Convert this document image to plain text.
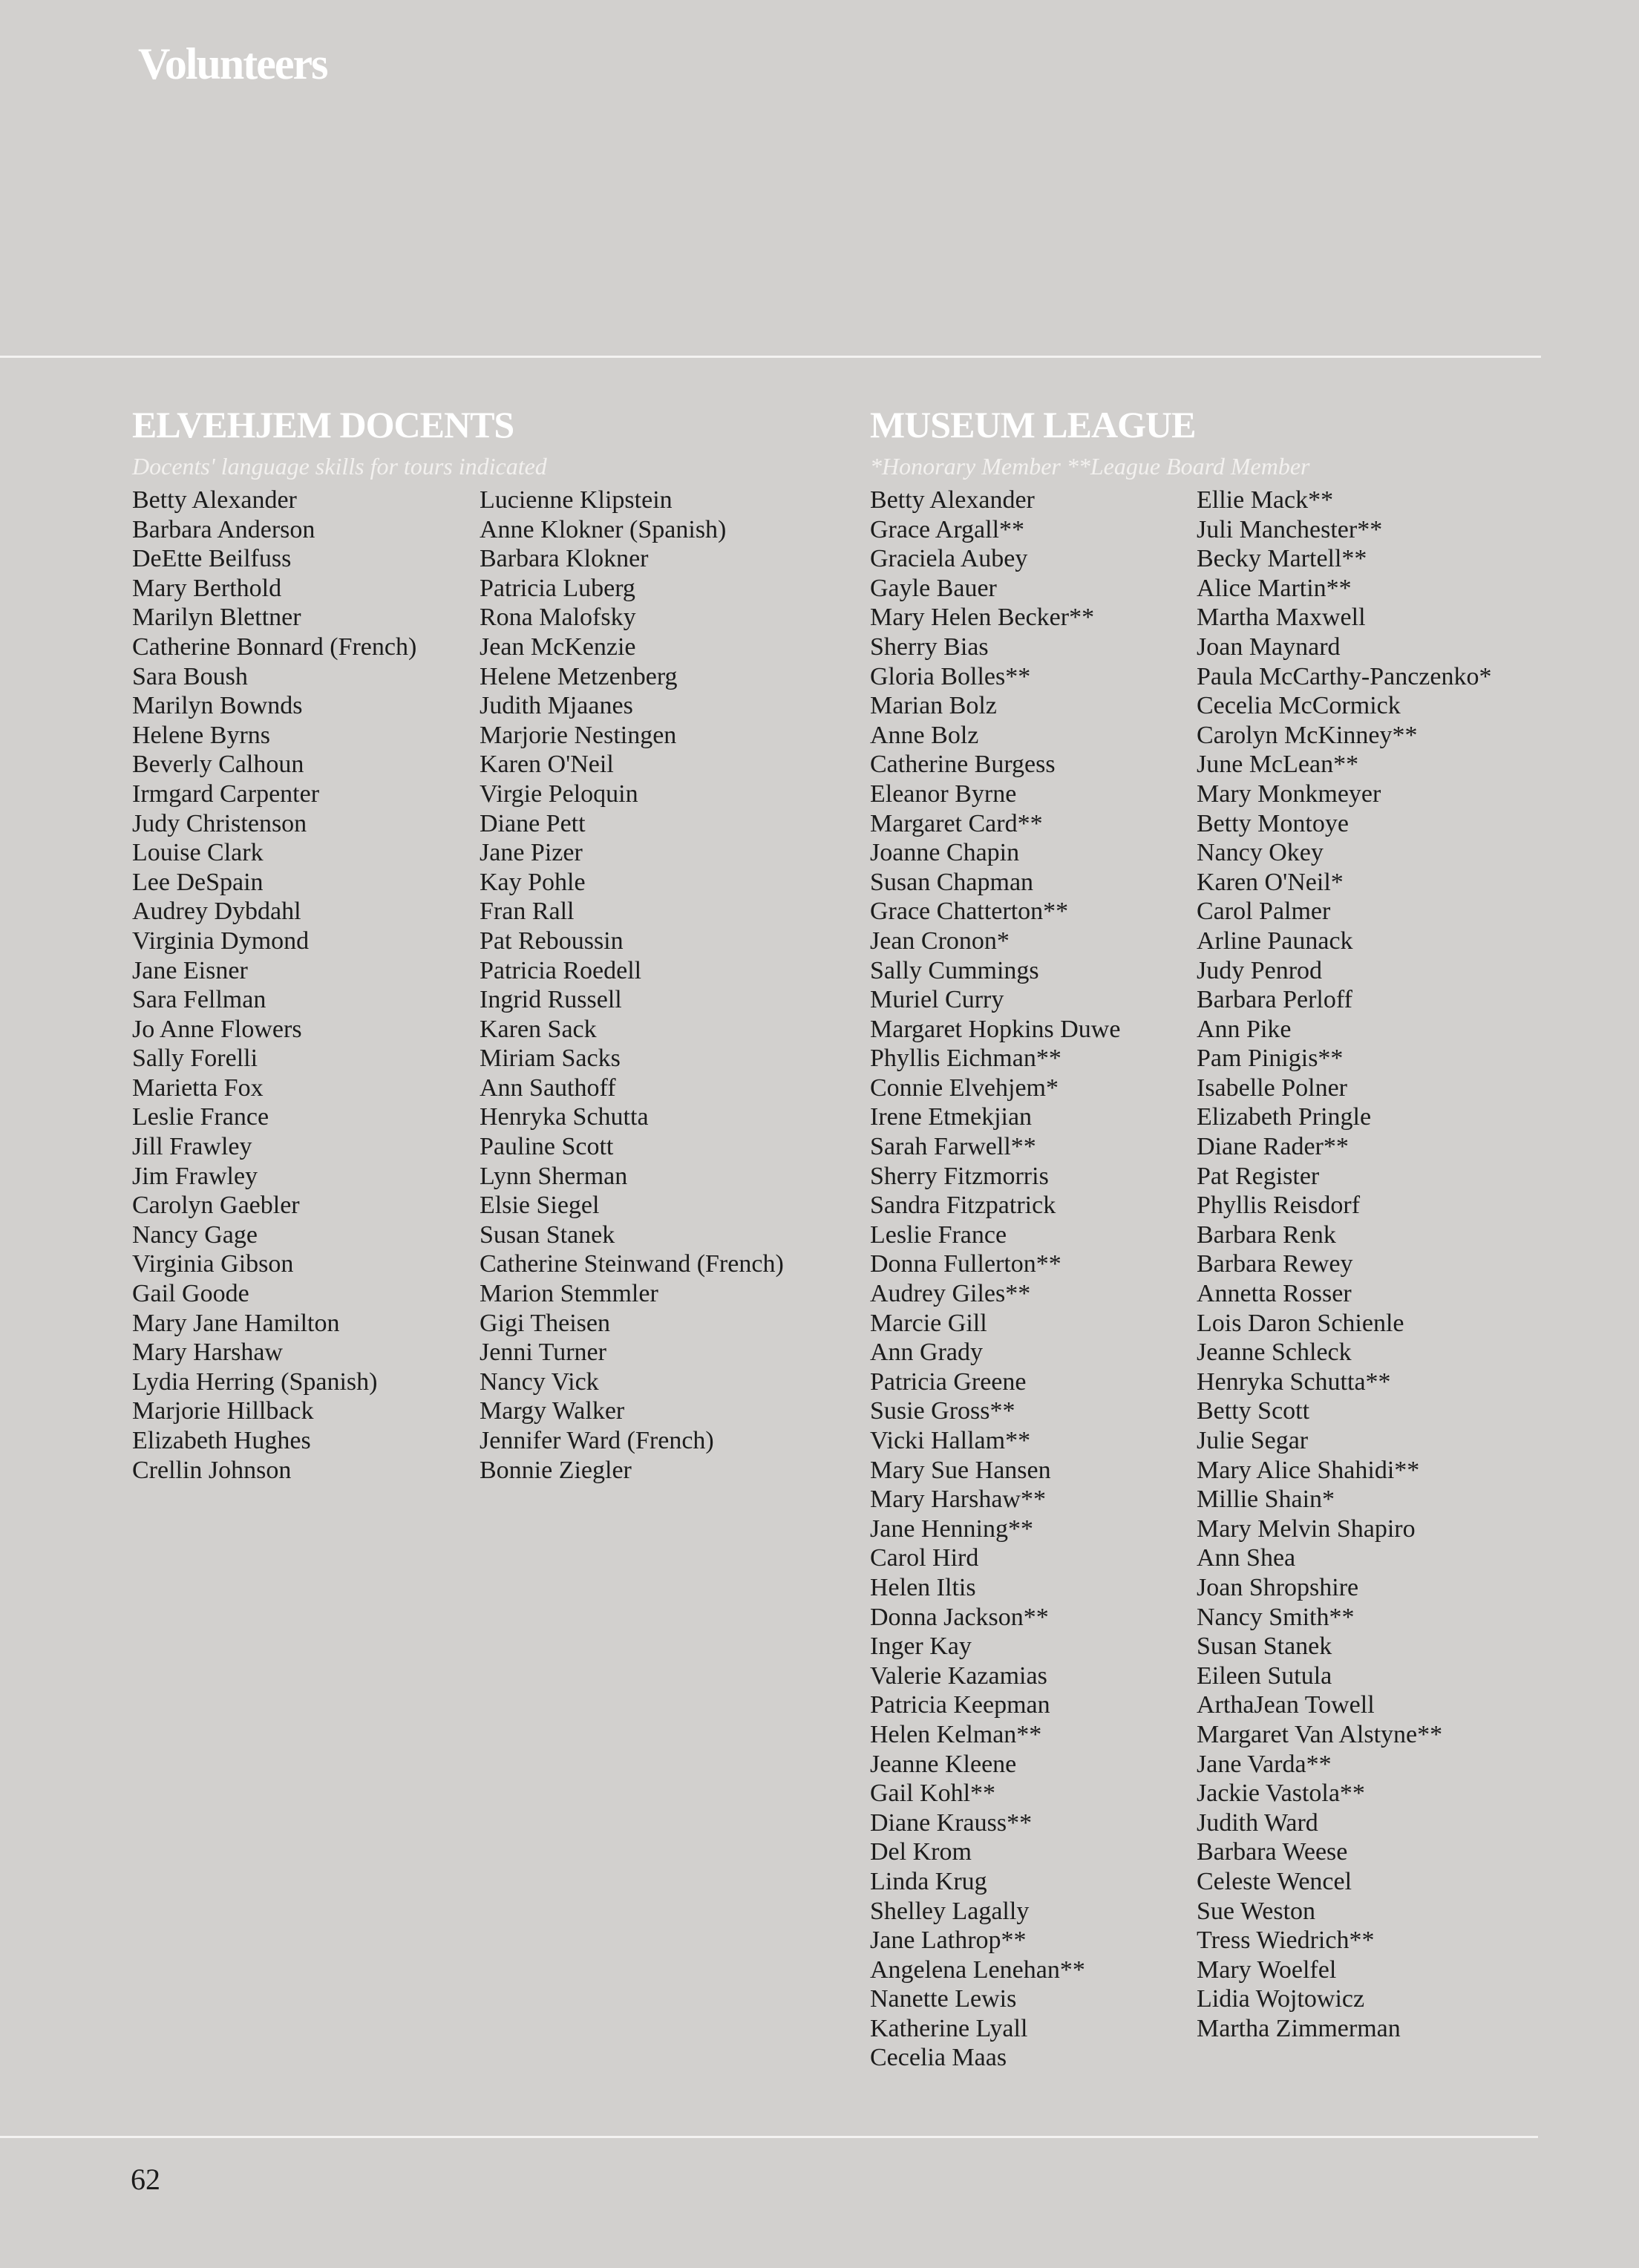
Volunteers
ELVEHJEM DOCENTS
Docents' language skills for tours indicated
Betty Alexander
Barbara Anderson
DeEtte Beilfuss
Mary Berthold
Marilyn Blettner
Catherine Bonnard (French)
Sara Boush
Marilyn Bownds
Helene Byrns
Beverly Calhoun
Irmgard Carpenter
Judy Christenson
Louise Clark
Lee DeSpain
Audrey Dybdahl
Virginia Dymond
Jane Eisner
Sara Fellman
Jo Anne Flowers
Sally Forelli
Marietta Fox
Leslie France
Jill Frawley
Jim Frawley
Carolyn Gaebler
Nancy Gage
Virginia Gibson
Gail Goode
Mary Jane Hamilton
Mary Harshaw
Lydia Herring (Spanish)
Marjorie Hillback
Elizabeth Hughes
Crellin Johnson
Lucienne Klipstein
Anne Klokner (Spanish)
Barbara Klokner
Patricia Luberg
Rona Malofsky
Jean McKenzie
Helene Metzenberg
Judith Mjaanes
Marjorie Nestingen
Karen O'Neil
Virgie Peloquin
Diane Pett
Jane Pizer
Kay Pohle
Fran Rall
Pat Reboussin
Patricia Roedell
Ingrid Russell
Karen Sack
Miriam Sacks
Ann Sauthoff
Henryka Schutta
Pauline Scott
Lynn Sherman
Elsie Siegel
Susan Stanek
Catherine Steinwand (French)
Marion Stemmler
Gigi Theisen
Jenni Turner
Nancy Vick
Margy Walker
Jennifer Ward (French)
Bonnie Ziegler
MUSEUM LEAGUE
*Honorary Member **League Board Member
Betty Alexander
Grace Argall**
Graciela Aubey
Gayle Bauer
Mary Helen Becker**
Sherry Bias
Gloria Bolles**
Marian Bolz
Anne Bolz
Catherine Burgess
Eleanor Byrne
Margaret Card**
Joanne Chapin
Susan Chapman
Grace Chatterton**
Jean Cronon*
Sally Cummings
Muriel Curry
Margaret Hopkins Duwe
Phyllis Eichman**
Connie Elvehjem*
Irene Etmekjian
Sarah Farwell**
Sherry Fitzmorris
Sandra Fitzpatrick
Leslie France
Donna Fullerton**
Audrey Giles**
Marcie Gill
Ann Grady
Patricia Greene
Susie Gross**
Vicki Hallam**
Mary Sue Hansen
Mary Harshaw**
Jane Henning**
Carol Hird
Helen Iltis
Donna Jackson**
Inger Kay
Valerie Kazamias
Patricia Keepman
Helen Kelman**
Jeanne Kleene
Gail Kohl**
Diane Krauss**
Del Krom
Linda Krug
Shelley Lagally
Jane Lathrop**
Angelena Lenehan**
Nanette Lewis
Katherine Lyall
Cecelia Maas
Ellie Mack**
Juli Manchester**
Becky Martell**
Alice Martin**
Martha Maxwell
Joan Maynard
Paula McCarthy-Panczenko*
Cecelia McCormick
Carolyn McKinney**
June McLean**
Mary Monkmeyer
Betty Montoye
Nancy Okey
Karen O'Neil*
Carol Palmer
Arline Paunack
Judy Penrod
Barbara Perloff
Ann Pike
Pam Pinigis**
Isabelle Polner
Elizabeth Pringle
Diane Rader**
Pat Register
Phyllis Reisdorf
Barbara Renk
Barbara Rewey
Annetta Rosser
Lois Daron Schienle
Jeanne Schleck
Henryka Schutta**
Betty Scott
Julie Segar
Mary Alice Shahidi**
Millie Shain*
Mary Melvin Shapiro
Ann Shea
Joan Shropshire
Nancy Smith**
Susan Stanek
Eileen Sutula
ArthaJean Towell
Margaret Van Alstyne**
Jane Varda**
Jackie Vastola**
Judith Ward
Barbara Weese
Celeste Wencel
Sue Weston
Tress Wiedrich**
Mary Woelfel
Lidia Wojtowicz
Martha Zimmerman
62
